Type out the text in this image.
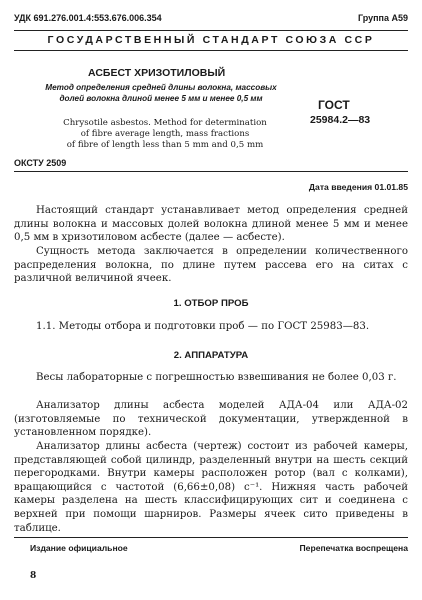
УДК 691.276.001.4:553.676.006.354	Группа А59
ГОСУДАРСТВЕННЫЙ СТАНДАРТ СОЮЗА ССР
АСБЕСТ ХРИЗОТИЛОВЫЙ
Метод определения средней длины волокна, массовых
долей волокна длиной менее 5 мм и менее 0,5 мм
Chrysotile asbestos. Method for determination
of fibre average length, mass fractions
of fibre of length less than 5 mm and 0,5 mm
ГОСТ
25984.2—83
ОКСТУ 2509
Дата введения 01.01.85
Настоящий стандарт устанавливает метод определения средней длины волокна и массовых долей волокна длиной менее 5 мм и менее 0,5 мм в хризотиловом асбесте (далее — асбесте).
Сущность метода заключается в определении количественного распределения волокна, по длине путем рассева его на ситах с различной величиной ячеек.
1. ОТБОР ПРОБ
1.1. Методы отбора и подготовки проб — по ГОСТ 25983—83.
2. АППАРАТУРА
Весы лабораторные с погрешностью взвешивания не более 0,03 г.
Анализатор длины асбеста моделей АДА-04 или АДА-02 (изготовляемые по технической документации, утвержденной в установленном порядке).
Анализатор длины асбеста (чертеж) состоит из рабочей камеры, представляющей собой цилиндр, разделенный внутри на шесть секций перегородками. Внутри камеры расположен ротор (вал с колками), вращающийся с частотой (6,66±0,08) с⁻¹. Нижняя часть рабочей камеры разделена на шесть классифицирующих сит и соединена с верхней при помощи шарниров. Размеры ячеек сито приведены в таблице.
Издание официальное	Перепечатка воспрещена
8
